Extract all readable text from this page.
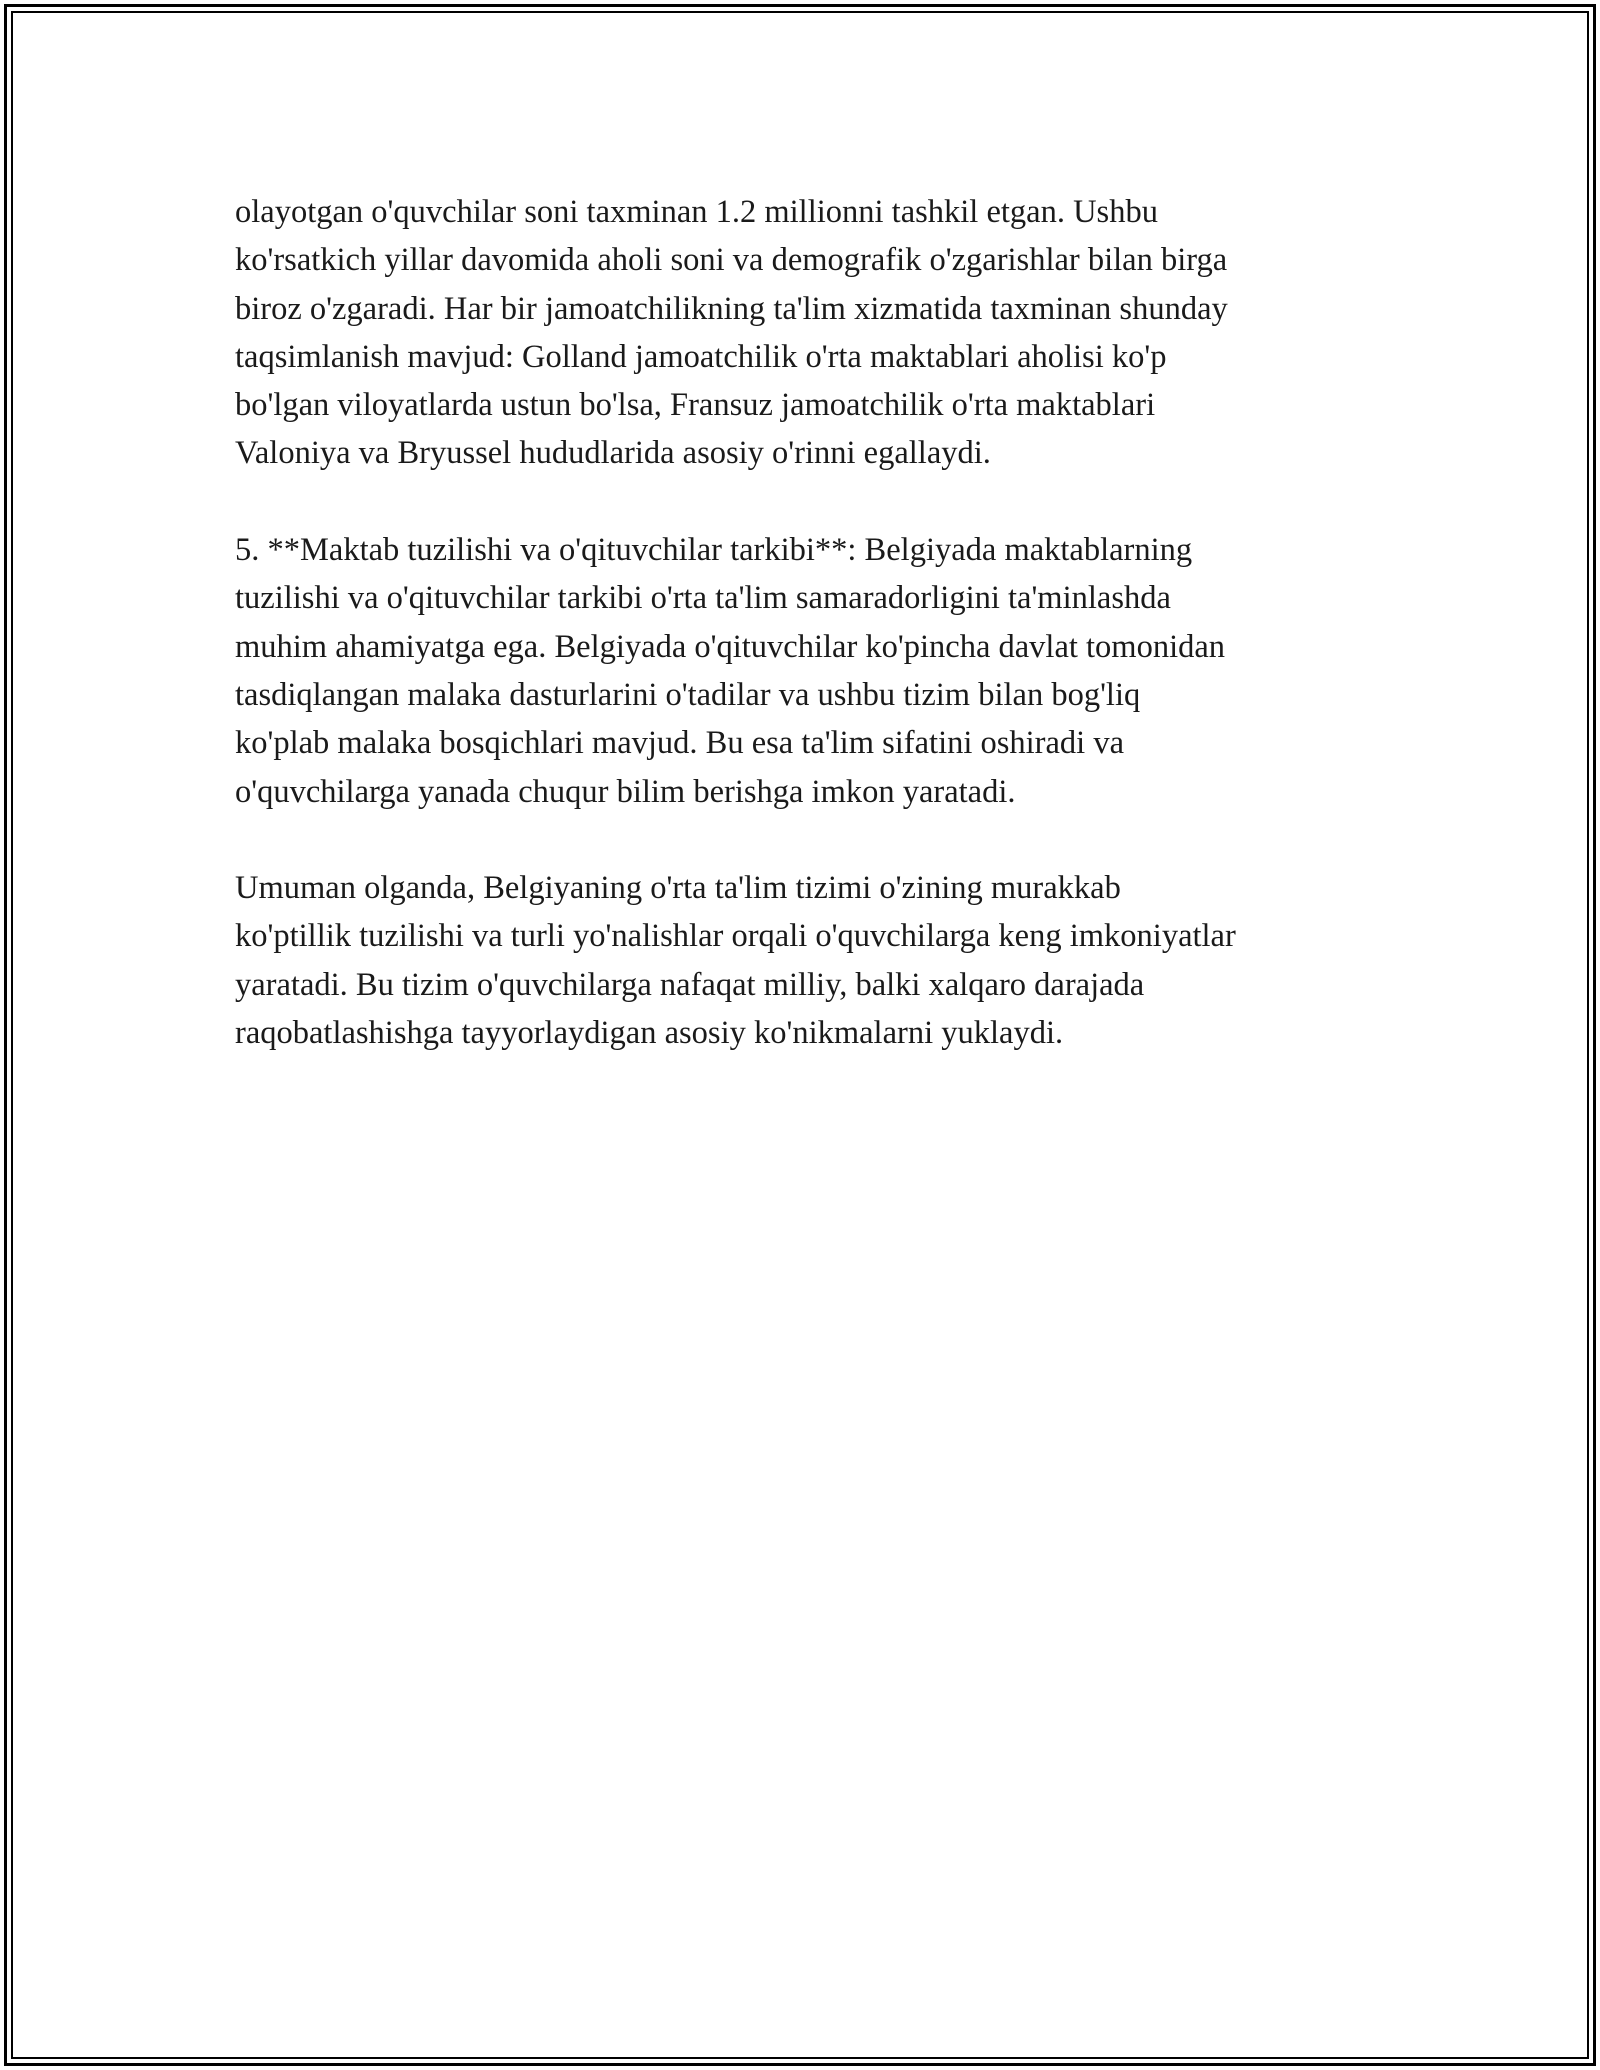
olayotgan o'quvchilar soni taxminan 1.2 millionni tashkil etgan. Ushbu
ko'rsatkich yillar davomida aholi soni va demografik o'zgarishlar bilan birga
biroz o'zgaradi. Har bir jamoatchilikning ta'lim xizmatida taxminan shunday
taqsimlanish mavjud: Golland jamoatchilik o'rta maktablari aholisi ko'p
bo'lgan viloyatlarda ustun bo'lsa, Fransuz jamoatchilik o'rta maktablari
Valoniya va Bryussel hududlarida asosiy o'rinni egallaydi.

5. **Maktab tuzilishi va o'qituvchilar tarkibi**: Belgiyada maktablarning
tuzilishi va o'qituvchilar tarkibi o'rta ta'lim samaradorligini ta'minlashda
muhim ahamiyatga ega. Belgiyada o'qituvchilar ko'pincha davlat tomonidan
tasdiqlangan malaka dasturlarini o'tadilar va ushbu tizim bilan bog'liq
ko'plab malaka bosqichlari mavjud. Bu esa ta'lim sifatini oshiradi va
o'quvchilarga yanada chuqur bilim berishga imkon yaratadi.

Umuman olganda, Belgiyaning o'rta ta'lim tizimi o'zining murakkab
ko'ptillik tuzilishi va turli yo'nalishlar orqali o'quvchilarga keng imkoniyatlar
yaratadi. Bu tizim o'quvchilarga nafaqat milliy, balki xalqaro darajada
raqobatlashishga tayyorlaydigan asosiy ko'nikmalarni yuklaydi.
